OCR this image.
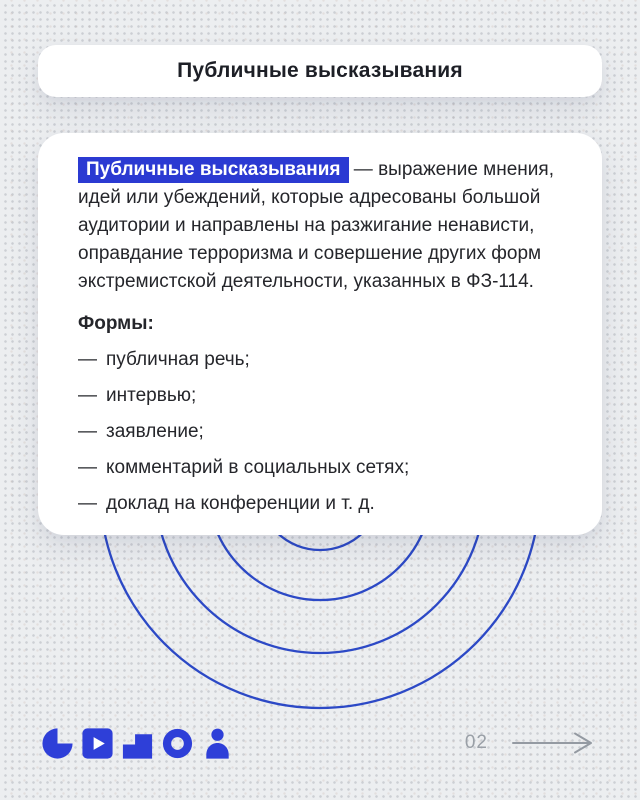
Публичные высказывания

Публичные высказывания — выражение мнения, идей или убеждений, которые адресованы большой аудитории и направлены на разжигание ненависти, оправдание терроризма и совершение других форм экстремистской деятельности, указанных в ФЗ-114.

Формы:
— публичная речь;
— интервью;
— заявление;
— комментарий в социальных сетях;
— доклад на конференции и т. д.
02
